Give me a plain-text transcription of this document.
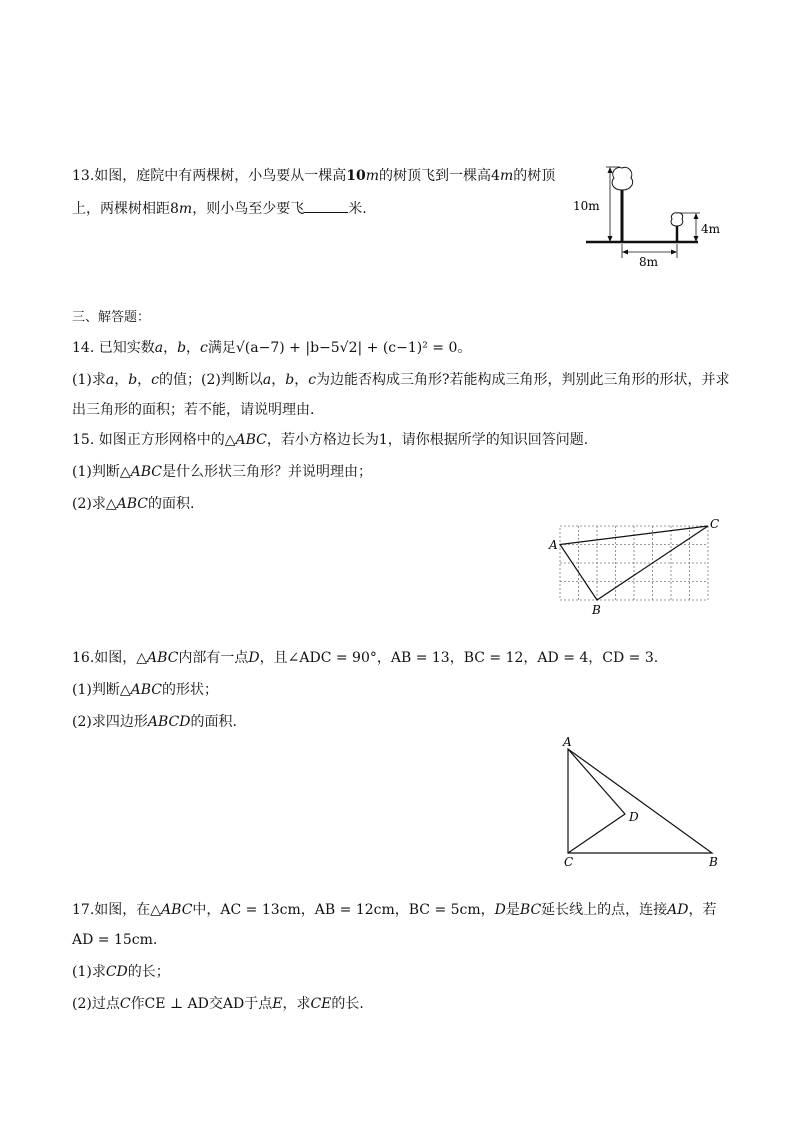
13.如图，庭院中有两棵树，小鸟要从一棵高10m的树顶飞到一棵高4m的树顶
上，两棵树相距8m，则小鸟至少要飞	米.	10m
4m
8m
三、解答题：
14. 已知实数a，b，c满足√(a−7) + |b−5√2| + (c−1)² = 0。
(1)求a，b，c的值；(2)判断以a，b，c为边能否构成三角形?若能构成三角形，判别此三角形的形状，并求
出三角形的面积；若不能，请说明理由.
15. 如图正方形网格中的△ABC，若小方格边长为1，请你根据所学的知识回答问题.
(1)判断△ABC是什么形状三角形？并说明理由；
(2)求△ABC的面积.
A
C
B
16.如图，△ABC内部有一点D，且∠ADC = 90°，AB = 13，BC = 12，AD = 4，CD = 3.
(1)判断△ABC的形状；
(2)求四边形ABCD的面积.
A
C	B
D
17.如图，在△ABC中，AC = 13cm，AB = 12cm，BC = 5cm，D是BC延长线上的点，连接AD，若
AD = 15cm.
(1)求CD的长；
(2)过点C作CE ⊥ AD交AD于点E，求CE的长.
